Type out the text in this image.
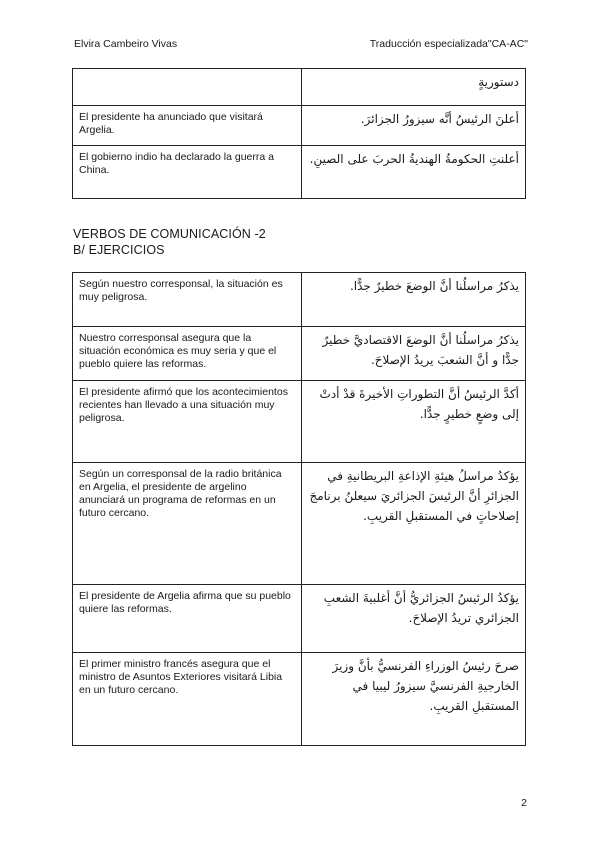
Elvira Cambeiro Vivas	Traducción especializada"CA-AC"
	دستوريةٍ
El presidente ha anunciado que visitará Argelia.	أعلنَ الرئيسُ أنَّه سيزورُ الجزائرَ.
El gobierno indio ha declarado la guerra a China.	أعلنتِ الحكومةُ الهنديةُ الحربَ على الصينِ.
VERBOS DE COMUNICACIÓN -2
B/ EJERCICIOS
Según nuestro corresponsal, la situación es muy peligrosa.	يذكرُ مراسلُنا أنَّ الوضعَ خطيرٌ جدًّا.
Nuestro corresponsal asegura que la situación económica es muy seria y que el pueblo quiere las reformas.	يذكرُ مراسلُنا أنَّ الوضعَ الاقتصاديَّ خطيرٌ جدًّا و أنَّ الشعبَ يريدُ الإصلاحَ.
El presidente afirmó que los acontecimientos recientes han llevado a una situación muy peligrosa.	أكدَّ الرئيسُ أنَّ التطوراتِ الأخيرةَ قدْ أدتْ إلى وضعٍ خطيرٍ جدًّا.
Según un corresponsal de la radio británica en Argelia, el presidente de argelino anunciará un programa de reformas en un futuro cercano.	يؤكدُ مراسلُ هيئةِ الإذاعةِ البريطانيةِ في الجزائرِ أنَّ الرئيسَ الجزائريَ سيعلنُ برنامجَ إصلاحاتٍ في المستقبلِ القريبِ.
El presidente de Argelia afirma que su pueblo quiere las reformas.	يؤكدُ الرئيسُ الجزائريُّ أنَّ أغلبيةَ الشعبِ الجزائري تريدُ الإصلاحَ.
El primer ministro francés asegura que el ministro de Asuntos Exteriores visitará Libia en un futuro cercano.	صرحَ رئيسُ الوزراءِ الفرنسيُّ بأنَّ وزيرَ الخارجيةِ الفرنسيَّ سيزورُ ليبيا في المستقبلِ القريبِ.
2
